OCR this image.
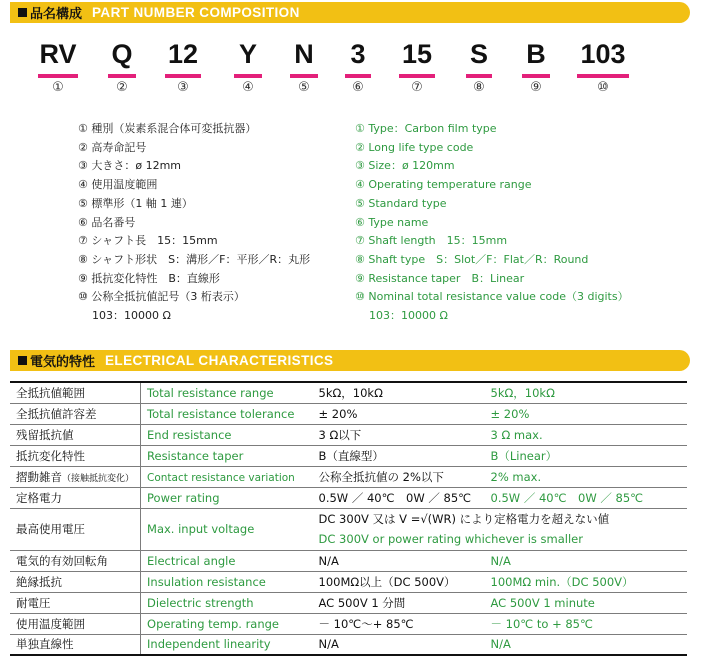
品名構成 PART NUMBER COMPOSITION
RV Q 12 Y N 3 15 S B 103
①	②	③	④	⑤	⑥	⑦	⑧	⑨	⑩
① 種別（炭素系混合体可変抵抗器）
② 高寿命記号
③ 大きさ：ø 12mm
④ 使用温度範囲
⑤ 標準形（1 軸 1 連）
⑥ 品名番号
⑦ シャフト長　15：15mm
⑧ シャフト形状　S：溝形／F：平形／R：丸形
⑨ 抵抗変化特性　B：直線形
⑩ 公称全抵抗値記号（3 桁表示）
103：10000 Ω
① Type：Carbon film type
② Long life type code
③ Size：ø 120mm
④ Operating temperature range
⑤ Standard type
⑥ Type name
⑦ Shaft length　15：15mm
⑧ Shaft type　S：Slot／F：Flat／R：Round
⑨ Resistance taper　B：Linear
⑩ Nominal total resistance value code（3 digits）
103：10000 Ω
電気的特性 ELECTRICAL CHARACTERISTICS
全抵抗値範囲	Total resistance range	5kΩ，10kΩ	5kΩ，10kΩ
全抵抗値許容差	Total resistance tolerance	± 20%	± 20%
残留抵抗値	End resistance	3 Ω以下	3 Ω max.
抵抗変化特性	Resistance taper	B（直線型）	B（Linear）
摺動雑音（接触抵抗変化）	Contact resistance variation	公称全抵抗値の 2%以下	2% max.
定格電力	Power rating	0.5W ／ 40℃　0W ／ 85℃	0.5W ／ 40℃　0W ／ 85℃
最高使用電圧	Max. input voltage	DC 300V 又は V =√(WR) により定格電力を超えない値
DC 300V or power rating whichever is smaller	

電気的有効回転角	Electrical angle	N/A	N/A
絶縁抵抗	Insulation resistance	100MΩ以上（DC 500V）	100MΩ min.（DC 500V）
耐電圧	Dielectric strength	AC 500V 1 分間	AC 500V 1 minute
使用温度範囲	Operating temp. range	－ 10℃～+ 85℃	－ 10℃ to + 85℃
単独直線性	Independent linearity	N/A	N/A
